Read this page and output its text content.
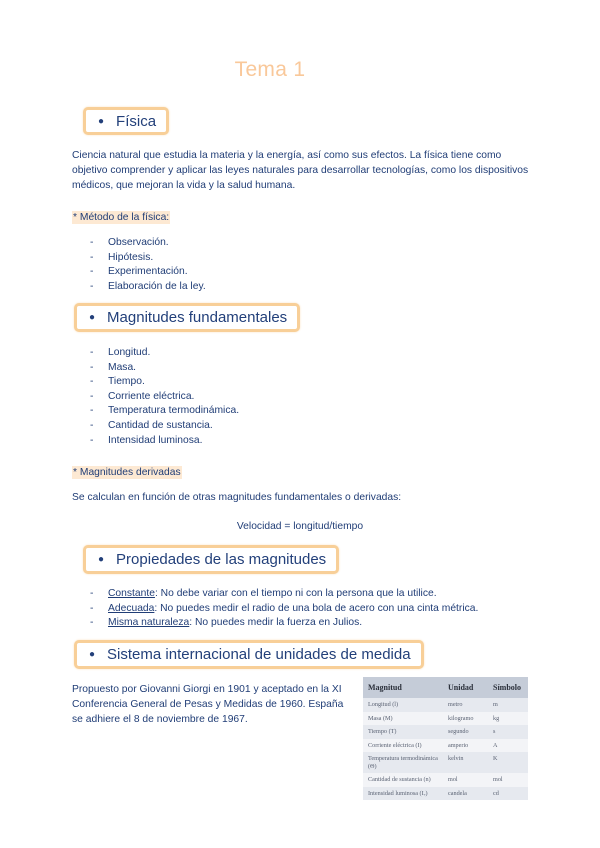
Tema 1
● Física
Ciencia natural que estudia la materia y la energía, así como sus efectos. La física tiene como objetivo comprender y aplicar las leyes naturales para desarrollar tecnologías, como los dispositivos médicos, que mejoran la vida y la salud humana.
* Método de la física:
- Observación.
- Hipótesis.
- Experimentación.
- Elaboración de la ley.
● Magnitudes fundamentales
- Longitud.
- Masa.
- Tiempo.
- Corriente eléctrica.
- Temperatura termodinámica.
- Cantidad de sustancia.
- Intensidad luminosa.
* Magnitudes derivadas
Se calculan en función de otras magnitudes fundamentales o derivadas:
Velocidad = longitud/tiempo
● Propiedades de las magnitudes
- Constante: No debe variar con el tiempo ni con la persona que la utilice.
- Adecuada: No puedes medir el radio de una bola de acero con una cinta métrica.
- Misma naturaleza: No puedes medir la fuerza en Julios.
● Sistema internacional de unidades de medida
Propuesto por Giovanni Giorgi en 1901 y aceptado en la XI Conferencia General de Pesas y Medidas de 1960. España se adhiere el 8 de noviembre de 1967.
Magnitud	Unidad	Símbolo
Longitud (l)	metro	m
Masa (M)	kilogramo	kg
Tiempo (T)	segundo	s
Corriente eléctrica (I)	amperio	A
Temperatura termodinámica (Θ)	kelvin	K
Cantidad de sustancia (n)	mol	mol
Intensidad luminosa (Iᵥ)	candela	cd
